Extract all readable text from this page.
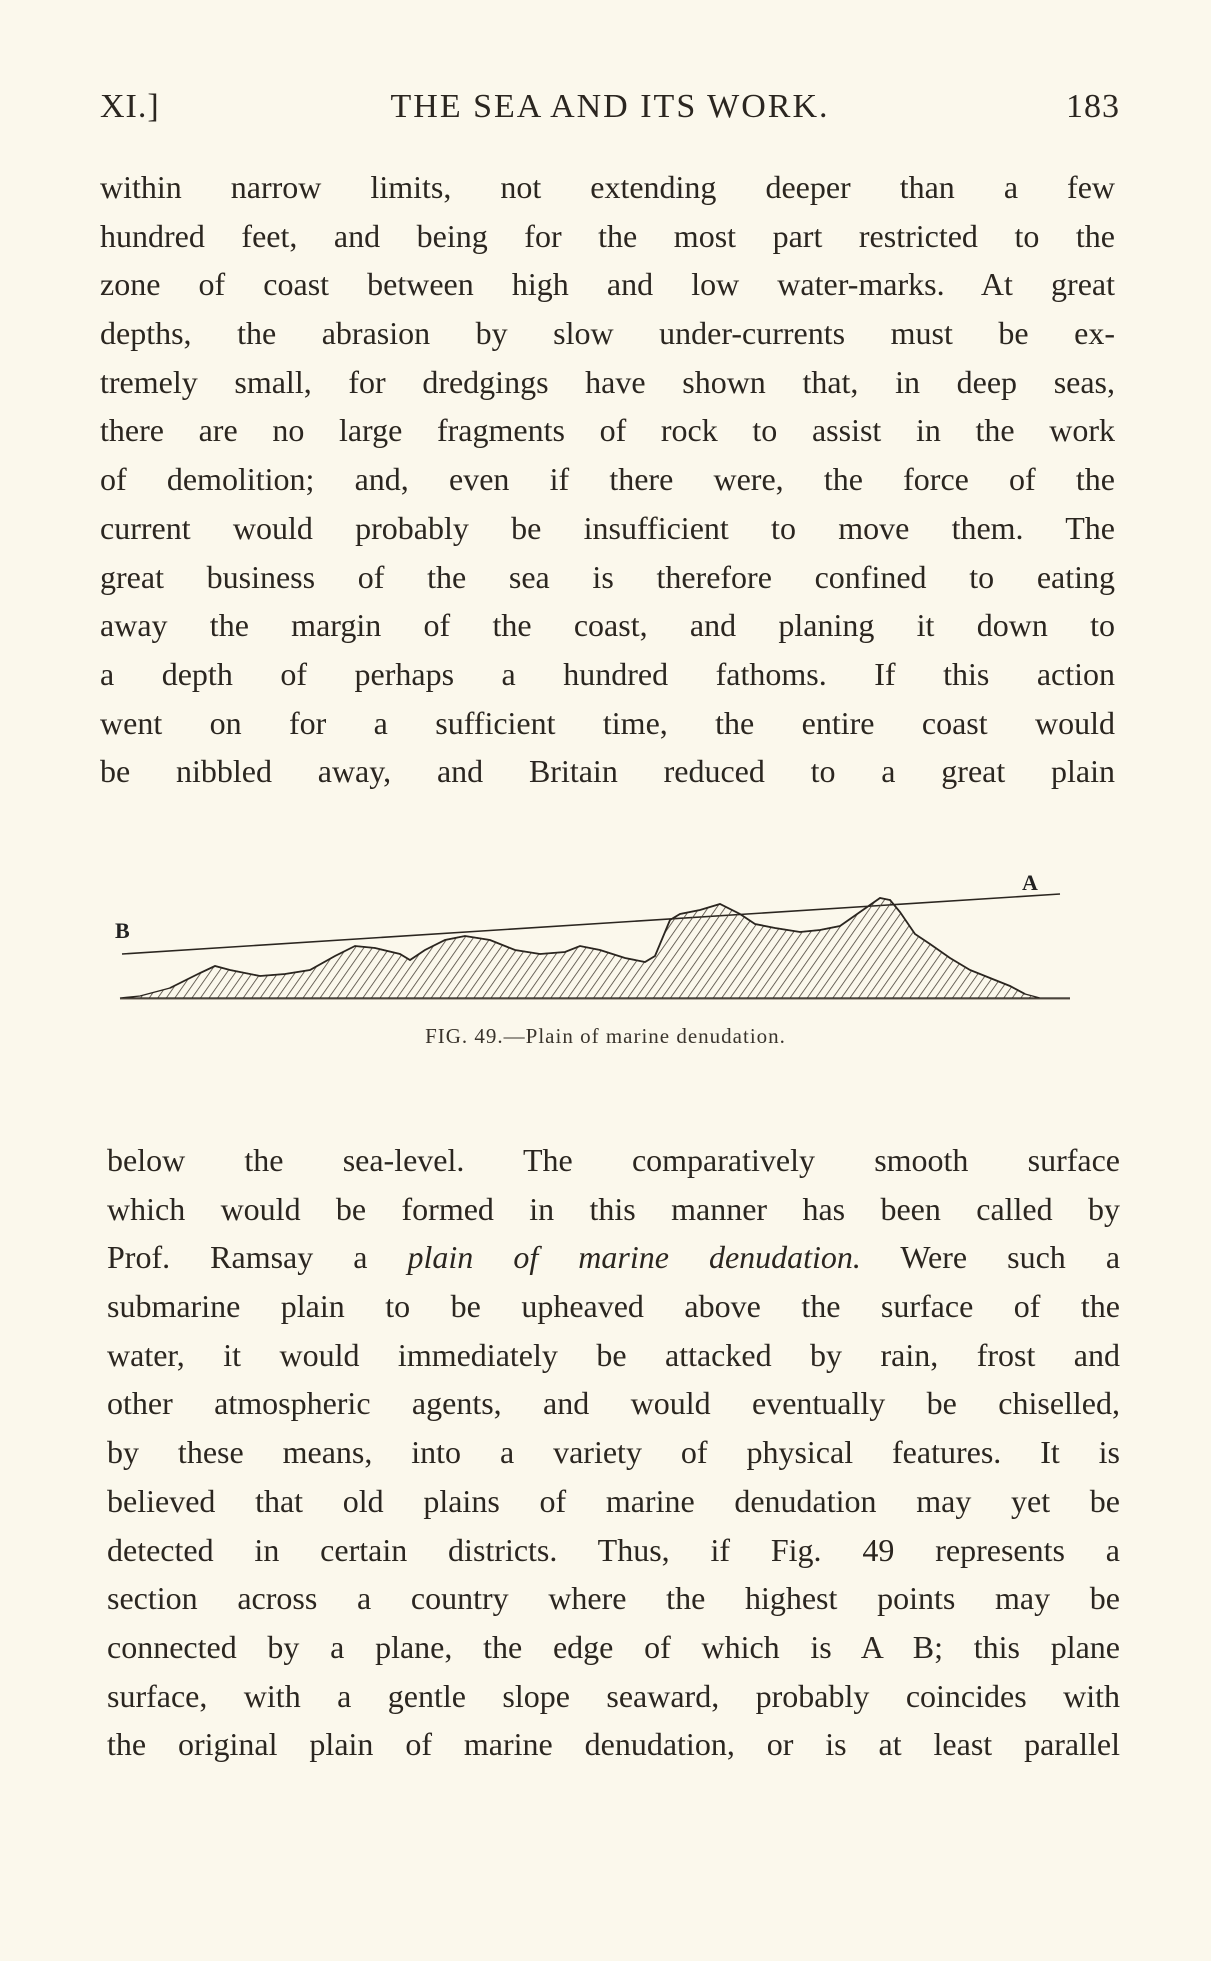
XI.]	THE SEA AND ITS WORK.	183
within narrow limits, not extending deeper than a few
hundred feet, and being for the most part restricted to the
zone of coast between high and low water-marks. At great
depths, the abrasion by slow under-currents must be ex-
tremely small, for dredgings have shown that, in deep seas,
there are no large fragments of rock to assist in the work
of demolition; and, even if there were, the force of the
current would probably be insufficient to move them. The
great business of the sea is therefore confined to eating
away the margin of the coast, and planing it down to
a depth of perhaps a hundred fathoms. If this action
went on for a sufficient time, the entire coast would
be nibbled away, and Britain reduced to a great plain
A
B
FIG. 49.—Plain of marine denudation.
below the sea-level. The comparatively smooth surface
which would be formed in this manner has been called by
Prof. Ramsay a plain of marine denudation. Were such a
submarine plain to be upheaved above the surface of the
water, it would immediately be attacked by rain, frost and
other atmospheric agents, and would eventually be chiselled,
by these means, into a variety of physical features. It is
believed that old plains of marine denudation may yet be
detected in certain districts. Thus, if Fig. 49 represents a
section across a country where the highest points may be
connected by a plane, the edge of which is A B; this plane
surface, with a gentle slope seaward, probably coincides with
the original plain of marine denudation, or is at least parallel
